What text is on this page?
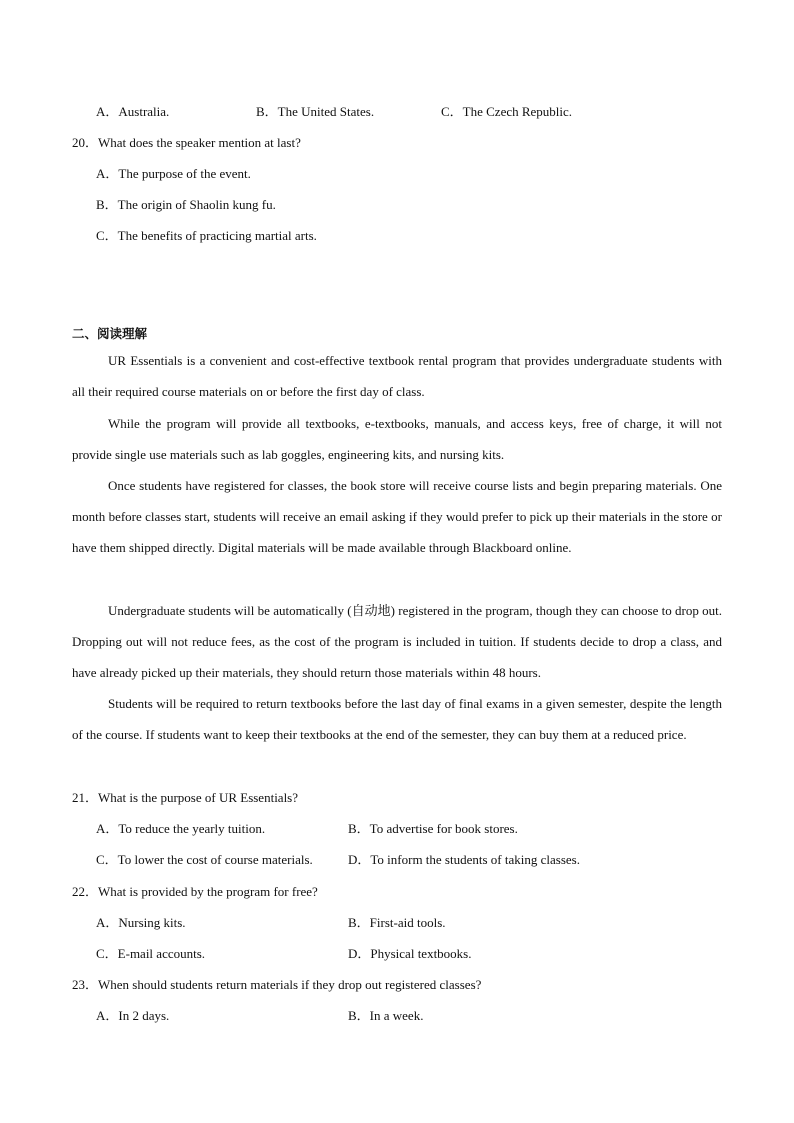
A．Australia.	B．The United States.	C．The Czech Republic.
20．What does the speaker mention at last?
A．The purpose of the event.
B．The origin of Shaolin kung fu.
C．The benefits of practicing martial arts.
二、阅读理解

UR Essentials is a convenient and cost-effective textbook rental program that provides undergraduate students with all their required course materials on or before the first day of class.

While the program will provide all textbooks, e-textbooks, manuals, and access keys, free of charge, it will not provide single use materials such as lab goggles, engineering kits, and nursing kits.

Once students have registered for classes, the book store will receive course lists and begin preparing materials. One month before classes start, students will receive an email asking if they would prefer to pick up their materials in the store or have them shipped directly. Digital materials will be made available through Blackboard online.

Undergraduate students will be automatically (自动地) registered in the program, though they can choose to drop out. Dropping out will not reduce fees, as the cost of the program is included in tuition. If students decide to drop a class, and have already picked up their materials, they should return those materials within 48 hours.

Students will be required to return textbooks before the last day of final exams in a given semester, despite the length of the course. If students want to keep their textbooks at the end of the semester, they can buy them at a reduced price.

21．What is the purpose of UR Essentials?
A．To reduce the yearly tuition.	B．To advertise for book stores.
C．To lower the cost of course materials.	D．To inform the students of taking classes.
22．What is provided by the program for free?
A．Nursing kits.	B．First-aid tools.
C．E-mail accounts.	D．Physical textbooks.
23．When should students return materials if they drop out registered classes?
A．In 2 days.	B．In a week.
